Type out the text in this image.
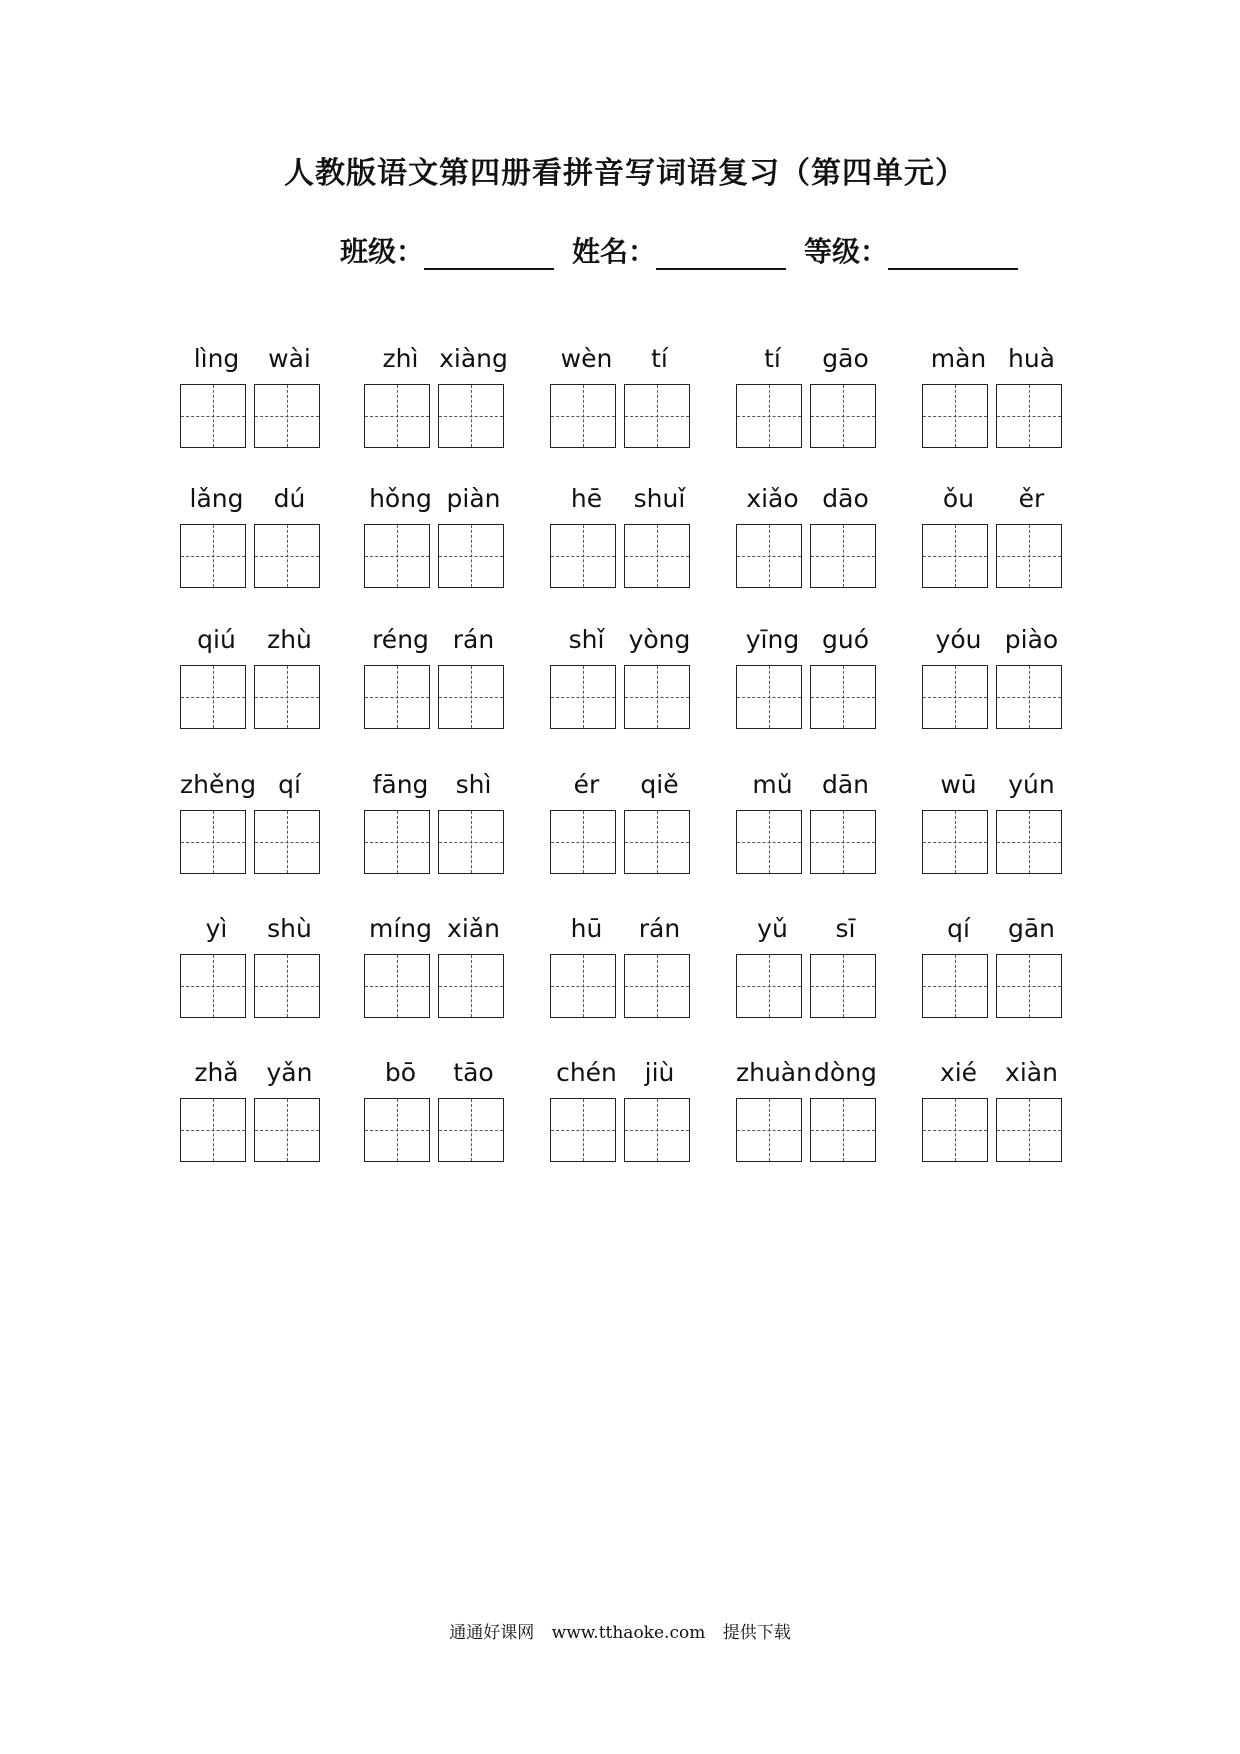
人教版语文第四册看拼音写词语复习（第四单元）
班级：	姓名：	等级：
lìng	wài	zhì xiàng	wèn	tí	tí	gāo	màn huà
lǎng	dú	hǒng piàn	hē	shuǐ	xiǎo dāo	ǒu	ěr
qiú	zhù	réng rán	shǐ yòng	yīng guó	yóu piào
zhěng qí	fāng	shì	ér	qiě	mǔ	dān	wū	yún
yì	shù	míng xiǎn	hū	rán	yǔ	sī	qí	gān
zhǎ	yǎn	bō	tāo	chén	jiù	zhuàn dòng	xié	xiàn
通通好课网 www.tthaoke.com 提供下载
